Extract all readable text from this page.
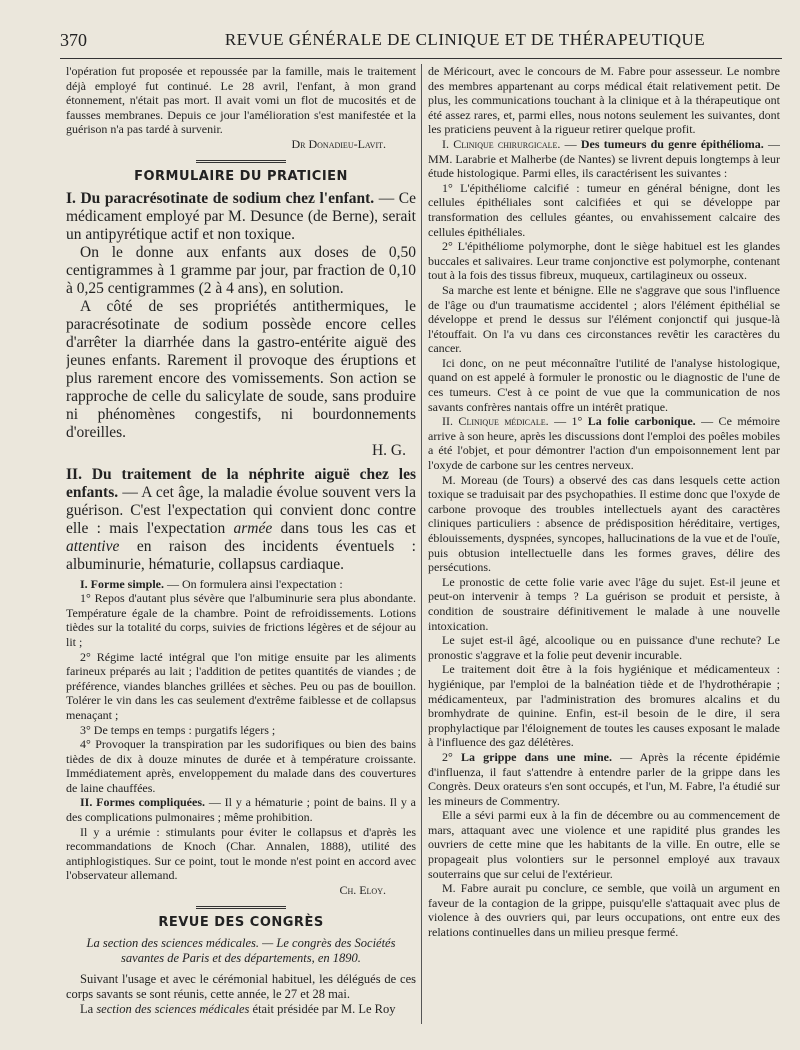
370	REVUE GÉNÉRALE DE CLINIQUE ET DE THÉRAPEUTIQUE

l'opération fut proposée et repoussée par la famille, mais le traitement déjà employé fut continué. Le 28 avril, l'enfant, à mon grand étonnement, n'était pas mort. Il avait vomi un flot de mucosités et de fausses membranes. Depuis ce jour l'amélioration s'est manifestée et la guérison n'a pas tardé à survenir.

Dr Donadieu-Lavit.

FORMULAIRE DU PRATICIEN

I. Du paracrésotinate de sodium chez l'enfant. — Ce médicament employé par M. Desunce (de Berne), serait un antipyrétique actif et non toxique.

On le donne aux enfants aux doses de 0,50 centigrammes à 1 gramme par jour, par fraction de 0,10 à 0,25 centigrammes (2 à 4 ans), en solution.

A côté de ses propriétés antithermiques, le paracrésotinate de sodium possède encore celles d'arrêter la diarrhée dans la gastro-entérite aiguë des jeunes enfants. Rarement il provoque des éruptions et plus rarement encore des vomissements. Son action se rapproche de celle du salicylate de soude, sans produire ni phénomènes congestifs, ni bourdonnements d'oreilles.

H. G.

II. Du traitement de la néphrite aiguë chez les enfants. — A cet âge, la maladie évolue souvent vers la guérison. C'est l'expectation qui convient donc contre elle : mais l'expectation armée dans tous les cas et attentive en raison des incidents éventuels : albuminurie, hématurie, collapsus cardiaque.

I. Forme simple. — On formulera ainsi l'expectation :

1° Repos d'autant plus sévère que l'albuminurie sera plus abondante. Température égale de la chambre. Point de refroidissements. Lotions tièdes sur la totalité du corps, suivies de frictions légères et de séjour au lit ;

2° Régime lacté intégral que l'on mitige ensuite par les aliments farineux préparés au lait ; l'addition de petites quantités de viandes ; de préférence, viandes blanches grillées et sèches. Peu ou pas de bouillon. Tolérer le vin dans les cas seulement d'extrême faiblesse et de collapsus menaçant ;

3° De temps en temps : purgatifs légers ;

4° Provoquer la transpiration par les sudorifiques ou bien des bains tièdes de dix à douze minutes de durée et à température croissante. Immédiatement après, enveloppement du malade dans des couvertures de laine chauffées.

II. Formes compliquées. — Il y a hématurie ; point de bains. Il y a des complications pulmonaires ; même prohibition.

Il y a urémie : stimulants pour éviter le collapsus et d'après les recommandations de Knoch (Char. Annalen, 1888), utilité des antiphlogistiques. Sur ce point, tout le monde n'est point en accord avec l'observateur allemand.

Ch. Eloy.

REVUE DES CONGRÈS

La section des sciences médicales. — Le congrès des Sociétés savantes de Paris et des départements, en 1890.

Suivant l'usage et avec le cérémonial habituel, les délégués de ces corps savants se sont réunis, cette année, le 27 et 28 mai.

La section des sciences médicales était présidée par M. Le Roy

de Méricourt, avec le concours de M. Fabre pour assesseur. Le nombre des membres appartenant au corps médical était relativement petit. De plus, les communications touchant à la clinique et à la thérapeutique ont été assez rares, et, parmi elles, nous notons seulement les suivantes, dont les praticiens peuvent à la rigueur retirer quelque profit.

I. Clinique chirurgicale. — Des tumeurs du genre épithélioma. — MM. Larabrie et Malherbe (de Nantes) se livrent depuis longtemps à leur étude histologique. Parmi elles, ils caractérisent les suivantes :

1° L'épithéliome calcifié : tumeur en général bénigne, dont les cellules épithéliales sont calcifiées et qui se développe par transformation des cellules géantes, ou envahissement calcaire des cellules épithéliales.

2° L'épithéliome polymorphe, dont le siège habituel est les glandes buccales et salivaires. Leur trame conjonctive est polymorphe, contenant tout à la fois des tissus fibreux, muqueux, cartilagineux ou osseux.

Sa marche est lente et bénigne. Elle ne s'aggrave que sous l'influence de l'âge ou d'un traumatisme accidentel ; alors l'élément épithélial se développe et prend le dessus sur l'élément conjonctif qui jusque-là l'étouffait. On l'a vu dans ces circonstances revêtir les caractères du cancer.

Ici donc, on ne peut méconnaître l'utilité de l'analyse histologique, quand on est appelé à formuler le pronostic ou le diagnostic de l'une de ces tumeurs. C'est à ce point de vue que la communication de nos savants confrères nantais offre un intérêt pratique.

II. Clinique médicale. — 1° La folie carbonique. — Ce mémoire arrive à son heure, après les discussions dont l'emploi des poêles mobiles a été l'objet, et pour démontrer l'action d'un empoisonnement lent par l'oxyde de carbone sur les centres nerveux.

M. Moreau (de Tours) a observé des cas dans lesquels cette action toxique se traduisait par des psychopathies. Il estime donc que l'oxyde de carbone provoque des troubles intellectuels ayant des caractères cliniques particuliers : absence de prédisposition héréditaire, vertiges, éblouissements, dyspnées, syncopes, hallucinations de la vue et de l'ouïe, puis obtusion intellectuelle dans les formes graves, délire des persécutions.

Le pronostic de cette folie varie avec l'âge du sujet. Est-il jeune et peut-on intervenir à temps ? La guérison se produit et persiste, à condition de soustraire définitivement le malade à une nouvelle intoxication.

Le sujet est-il âgé, alcoolique ou en puissance d'une rechute? Le pronostic s'aggrave et la folie peut devenir incurable.

Le traitement doit être à la fois hygiénique et médicamenteux : hygiénique, par l'emploi de la balnéation tiède et de l'hydrothérapie ; médicamenteux, par l'administration des bromures alcalins et du bromhydrate de quinine. Enfin, est-il besoin de le dire, il sera prophylactique par l'éloignement de toutes les causes exposant le malade à l'influence des gaz délétères.

2° La grippe dans une mine. — Après la récente épidémie d'influenza, il faut s'attendre à entendre parler de la grippe dans les Congrès. Deux orateurs s'en sont occupés, et l'un, M. Fabre, l'a étudié sur les mineurs de Commentry.

Elle a sévi parmi eux à la fin de décembre ou au commencement de mars, attaquant avec une violence et une rapidité plus grandes les ouvriers de cette mine que les habitants de la ville. En outre, elle se propageait plus volontiers sur le personnel employé aux travaux souterrains que sur celui de l'extérieur.

M. Fabre aurait pu conclure, ce semble, que voilà un argument en faveur de la contagion de la grippe, puisqu'elle s'attaquait avec plus de violence à des ouvriers qui, par leurs occupations, ont entre eux des relations continuelles dans un milieu presque fermé.
